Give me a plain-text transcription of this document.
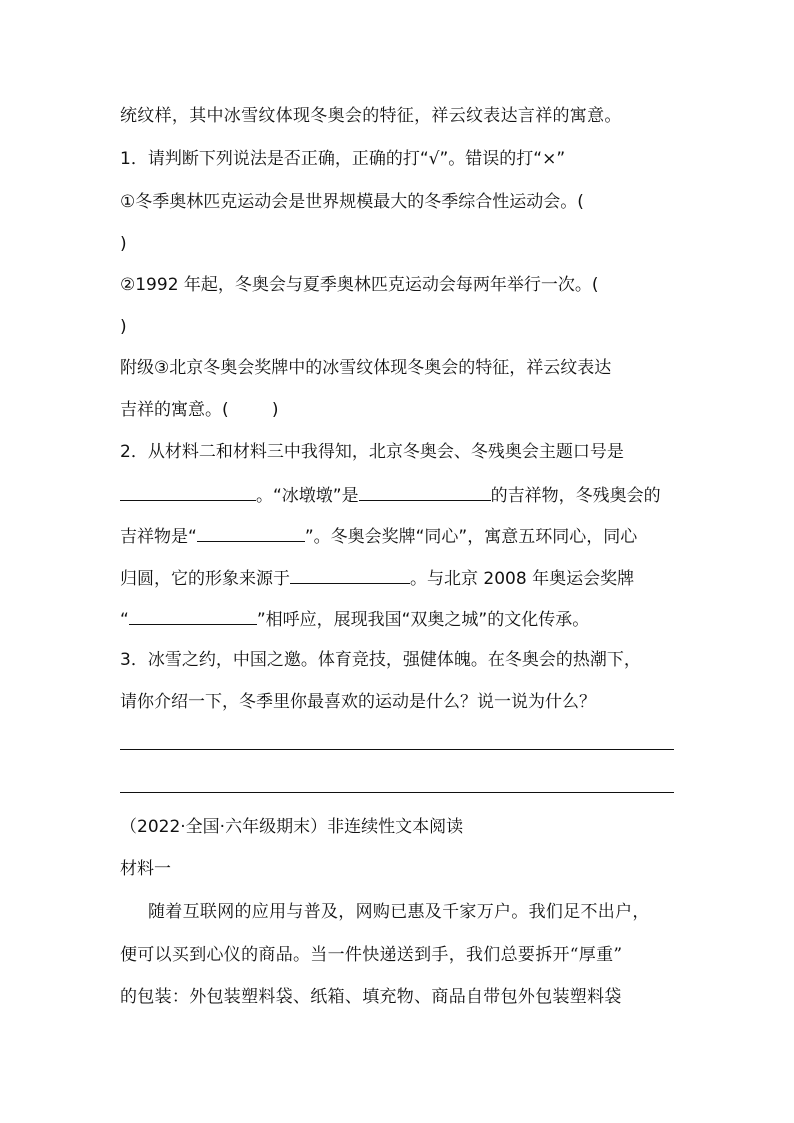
统纹样，其中冰雪纹体现冬奥会的特征，祥云纹表达言祥的寓意。
1．请判断下列说法是否正确，正确的打“√”。错误的打“×”
①冬季奥林匹克运动会是世界规模最大的冬季综合性运动会。(
)
②1992 年起，冬奥会与夏季奥林匹克运动会每两年举行一次。(
)
附级③北京冬奥会奖牌中的冰雪纹体现冬奥会的特征，祥云纹表达
吉祥的寓意。(        )
2．从材料二和材料三中我得知，北京冬奥会、冬残奥会主题口号是
。“冰墩墩”是	的吉祥物，冬残奥会的
吉祥物是“	”。冬奥会奖牌“同心”，寓意五环同心，同心
归圆，它的形象来源于	。与北京 2008 年奥运会奖牌
“	”相呼应，展现我国“双奥之城”的文化传承。
3．冰雪之约，中国之邀。体育竞技，强健体魄。在冬奥会的热潮下，
请你介绍一下，冬季里你最喜欢的运动是什么？说一说为什么？
（2022·全国·六年级期末）非连续性文本阅读
材料一
随着互联网的应用与普及，网购已惠及千家万户。我们足不出户，
便可以买到心仪的商品。当一件快递送到手，我们总要拆开“厚重”
的包装：外包装塑料袋、纸箱、填充物、商品自带包外包装塑料袋
